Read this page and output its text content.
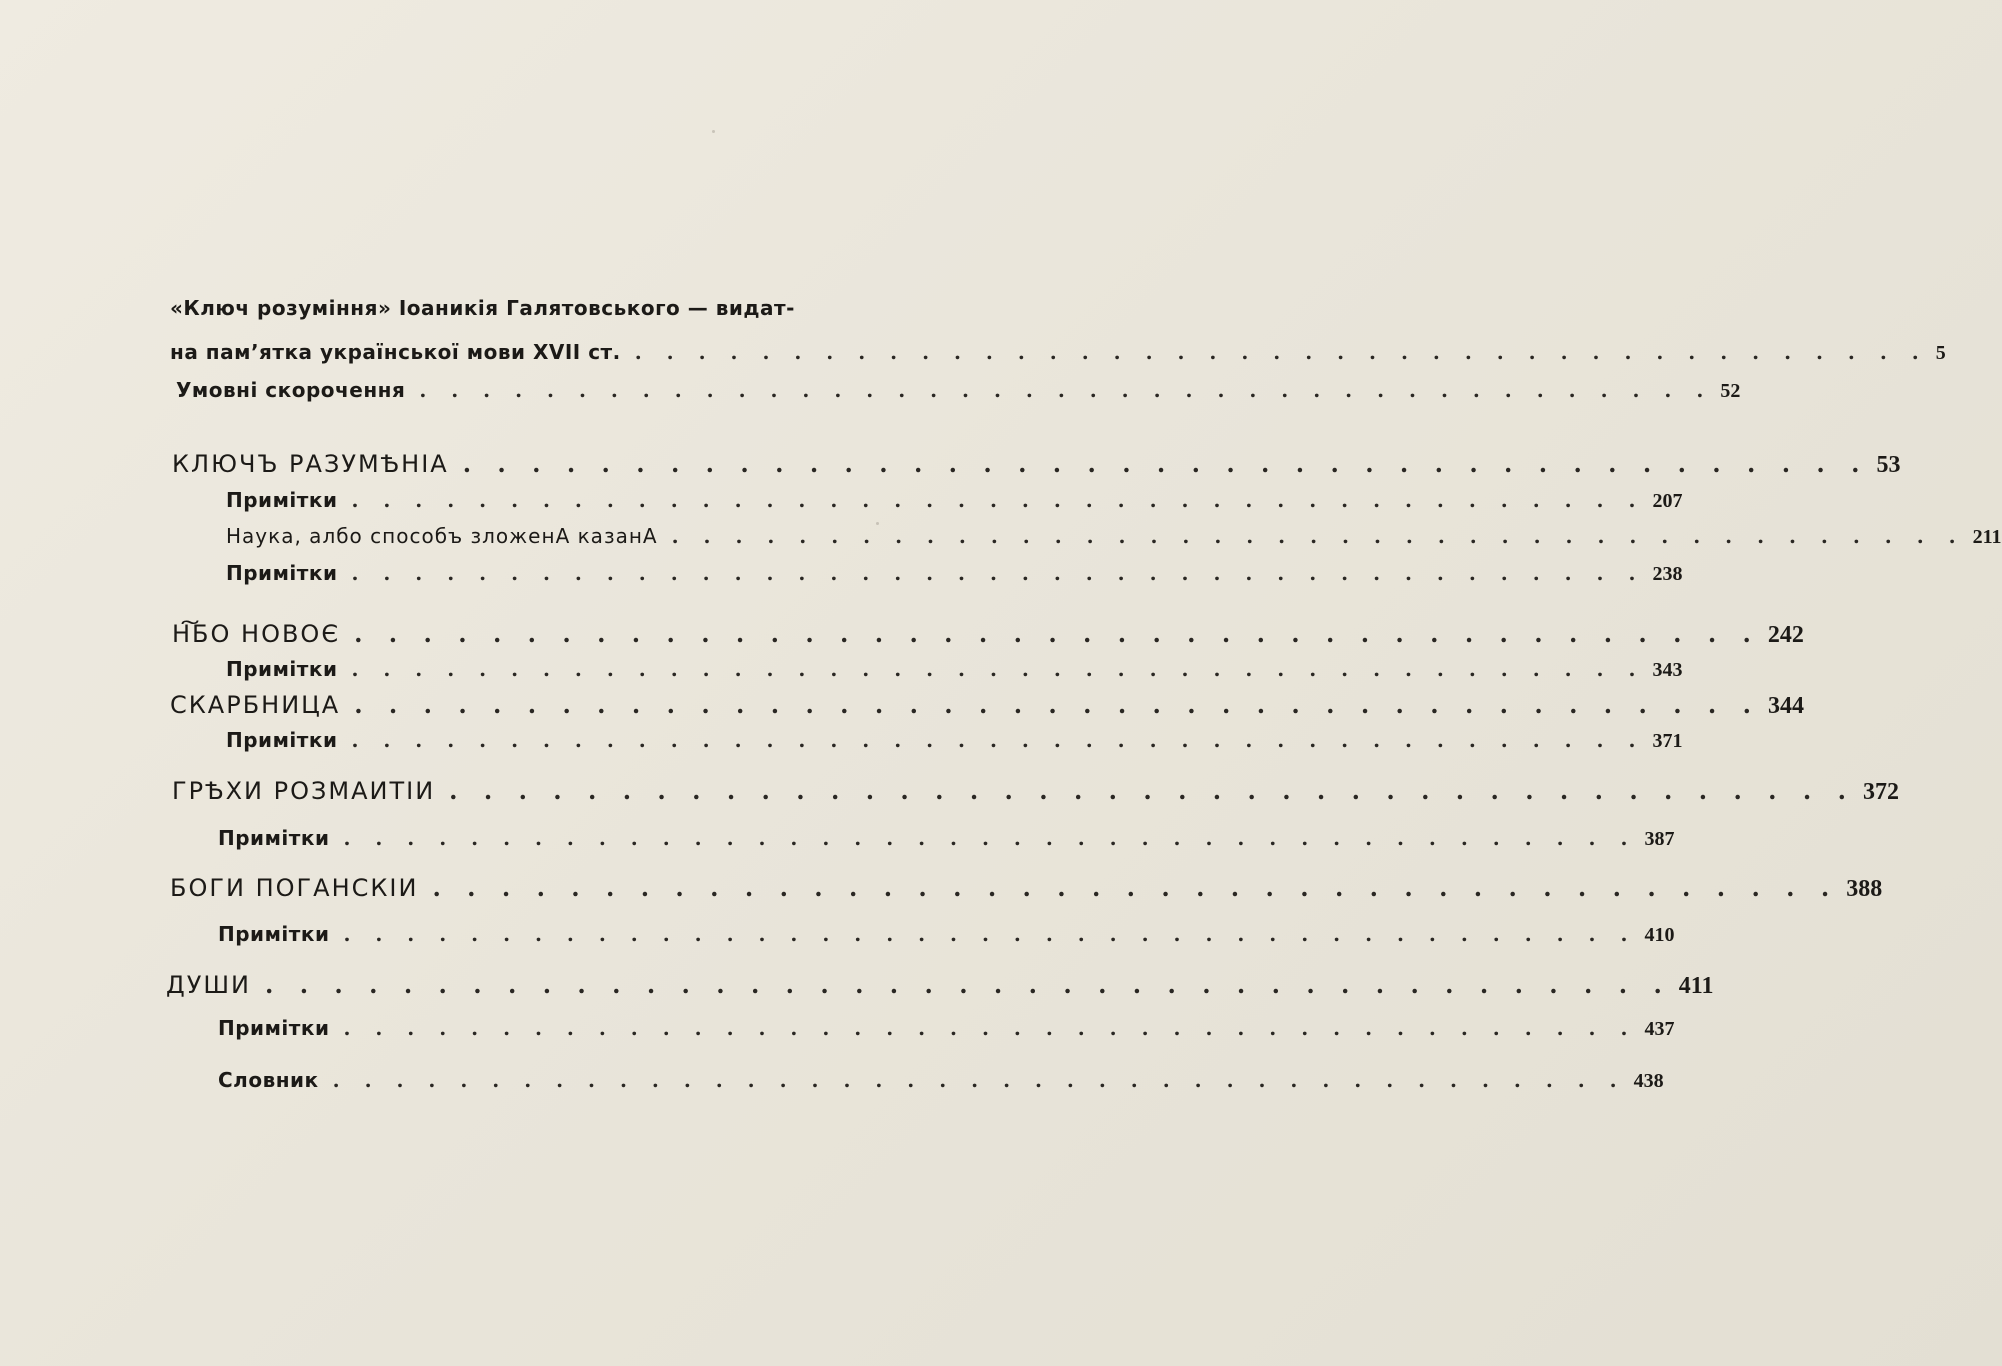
«Ключ розуміння» Іоаникія Галятовського — видат-
на пам’ятка української мови XVII ст. . . . . . . . . . . . . . . . . . . . . . . . . . . . . . . . . . . . . . . . . . 5
Умовні скорочення . . . . . . . . . . . . . . . . . . . . . . . . . . . . . . . . . . . . . . . . . 52
КЛЮЧЪ РАЗУМѢНІА . . . . . . . . . . . . . . . . . . . . . . . . . . . . . . . . . . . . . . . . . 53
Примітки . . . . . . . . . . . . . . . . . . . . . . . . . . . . . . . . . . . . . . . . . 207
Наука, албо способъ зложенА казанА . . . . . . . . . . . . . . . . . . . . . . . . . . . . . . . . . . . . . . . . . 211
Примітки . . . . . . . . . . . . . . . . . . . . . . . . . . . . . . . . . . . . . . . . . 238
Н͠БО НОВОЄ . . . . . . . . . . . . . . . . . . . . . . . . . . . . . . . . . . . . . . . . . 242
Примітки . . . . . . . . . . . . . . . . . . . . . . . . . . . . . . . . . . . . . . . . . 343
СКАРБНИЦА . . . . . . . . . . . . . . . . . . . . . . . . . . . . . . . . . . . . . . . . . 344
Примітки . . . . . . . . . . . . . . . . . . . . . . . . . . . . . . . . . . . . . . . . . 371
ГРѢХИ РОЗМАИТІИ . . . . . . . . . . . . . . . . . . . . . . . . . . . . . . . . . . . . . . . . . 372
Примітки . . . . . . . . . . . . . . . . . . . . . . . . . . . . . . . . . . . . . . . . . 387
БОГИ ПОГАНСКІИ . . . . . . . . . . . . . . . . . . . . . . . . . . . . . . . . . . . . . . . . . 388
Примітки . . . . . . . . . . . . . . . . . . . . . . . . . . . . . . . . . . . . . . . . . 410
ДУШИ . . . . . . . . . . . . . . . . . . . . . . . . . . . . . . . . . . . . . . . . . 411
Примітки . . . . . . . . . . . . . . . . . . . . . . . . . . . . . . . . . . . . . . . . . 437
Словник . . . . . . . . . . . . . . . . . . . . . . . . . . . . . . . . . . . . . . . . . 438
